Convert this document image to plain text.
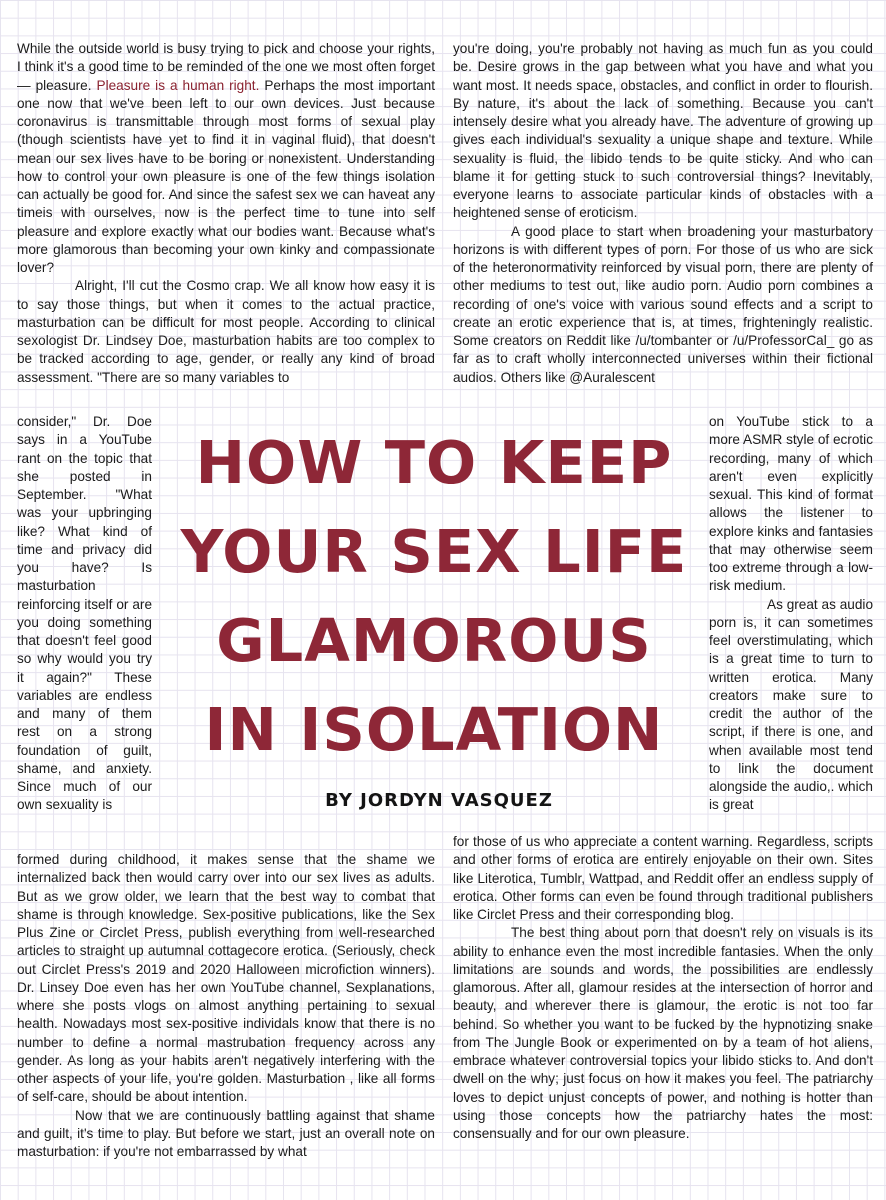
While the outside world is busy trying to pick and choose your rights, I think it's a good time to be reminded of the one we most often forget— pleasure. Pleasure is a human right. Perhaps the most important one now that we've been left to our own devices. Just because coronavirus is transmittable through most forms of sexual play (though scientists have yet to find it in vaginal fluid), that doesn't mean our sex lives have to be boring or nonexistent. Understanding how to control your own pleasure is one of the few things isolation can actually be good for. And since the safest sex we can haveat any timeis with ourselves, now is the perfect time to tune into self pleasure and explore exactly what our bodies want. Because what's more glamorous than becoming your own kinky and compassionate lover?

Alright, I'll cut the Cosmo crap. We all know how easy it is to say those things, but when it comes to the actual practice, masturbation can be difficult for most people. According to clinical sexologist Dr. Lindsey Doe, masturbation habits are too complex to be tracked according to age, gender, or really any kind of broad assessment. "There are so many variables to

consider," Dr. Doe says in a YouTube rant on the topic that she posted in September. "What was your upbringing like? What kind of time and privacy did you have? Is masturbation reinforcing itself or are you doing something that doesn't feel good so why would you try it again?" These variables are endless and many of them rest on a strong foundation of guilt, shame, and anxiety. Since much of our own sexuality is

HOW TO KEEP
YOUR SEX LIFE
GLAMOROUS
IN ISOLATION
BY JORDYN VASQUEZ

formed during childhood, it makes sense that the shame we internalized back then would carry over into our sex lives as adults. But as we grow older, we learn that the best way to combat that shame is through knowledge. Sex-positive publications, like the Sex Plus Zine or Circlet Press, publish everything from well-researched articles to straight up autumnal cottagecore erotica. (Seriously, check out Circlet Press's 2019 and 2020 Halloween microfiction winners). Dr. Linsey Doe even has her own YouTube channel, Sexplanations, where she posts vlogs on almost anything pertaining to sexual health. Nowadays most sex-positive individals know that there is no number to define a normal mastrubation frequency across any gender. As long as your habits aren't negatively interfering with the other aspects of your life, you're golden. Masturbation , like all forms of self-care, should be about intention.

Now that we are continuously battling against that shame and guilt, it's time to play. But before we start, just an overall note on masturbation: if you're not embarrassed by what

you're doing, you're probably not having as much fun as you could be. Desire grows in the gap between what you have and what you want most. It needs space, obstacles, and conflict in order to flourish. By nature, it's about the lack of something. Because you can't intensely desire what you already have. The adventure of growing up gives each individual's sexuality a unique shape and texture. While sexuality is fluid, the libido tends to be quite sticky. And who can blame it for getting stuck to such controversial things? Inevitably, everyone learns to associate particular kinds of obstacles with a heightened sense of eroticism.

A good place to start when broadening your masturbatory horizons is with different types of porn. For those of us who are sick of the heteronormativity reinforced by visual porn, there are plenty of other mediums to test out, like audio porn. Audio porn combines a recording of one's voice with various sound effects and a script to create an erotic experience that is, at times, frighteningly realistic. Some creators on Reddit like /u/tombanter or /u/ProfessorCal_ go as far as to craft wholly interconnected universes within their fictional audios. Others like @Auralescent

on YouTube stick to a more ASMR style of ecrotic recording, many of which aren't even explicitly sexual. This kind of format allows the listener to explore kinks and fantasies that may otherwise seem too extreme through a low-risk medium.

As great as audio porn is, it can sometimes feel overstimulating, which is a great time to turn to written erotica. Many creators make sure to credit the author of the script, if there is one, and when available most tend to link the document alongside the audio,. which is great

for those of us who appreciate a content warning. Regardless, scripts and other forms of erotica are entirely enjoyable on their own. Sites like Literotica, Tumblr, Wattpad, and Reddit offer an endless supply of erotica. Other forms can even be found through traditional publishers like Circlet Press and their corresponding blog.

The best thing about porn that doesn't rely on visuals is its ability to enhance even the most incredible fantasies. When the only limitations are sounds and words, the possibilities are endlessly glamorous. After all, glamour resides at the intersection of horror and beauty, and wherever there is glamour, the erotic is not too far behind. So whether you want to be fucked by the hypnotizing snake from The Jungle Book or experimented on by a team of hot aliens, embrace whatever controversial topics your libido sticks to. And don't dwell on the why; just focus on how it makes you feel. The patriarchy loves to depict unjust concepts of power, and nothing is hotter than using those concepts how the patriarchy hates the most: consensually and for our own pleasure.
